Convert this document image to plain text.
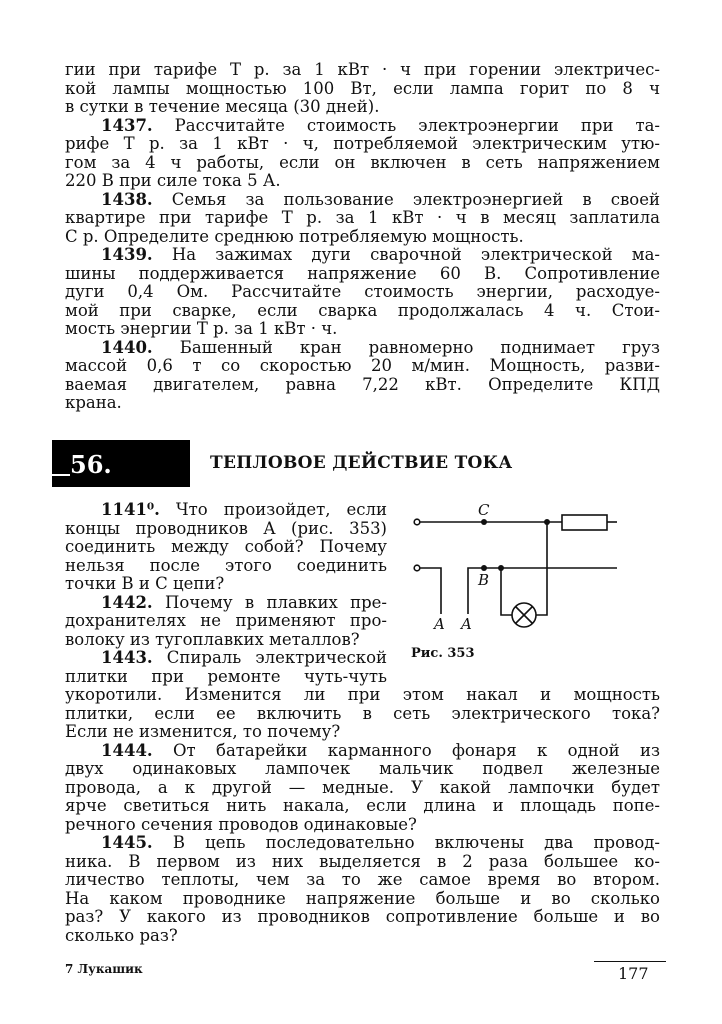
гии при тарифе T р. за 1 кВт · ч при горении электричес-
кой лампы мощностью 100 Вт, если лампа горит по 8 ч
в сутки в течение месяца (30 дней).
1437. Рассчитайте стоимость электроэнергии при та-
рифе T р. за 1 кВт · ч, потребляемой электрическим утю-
гом за 4 ч работы, если он включен в сеть напряжением
220 В при силе тока 5 А.
1438. Семья за пользование электроэнергией в своей
квартире при тарифе T р. за 1 кВт · ч в месяц заплатила
C р. Определите среднюю потребляемую мощность.
1439. На зажимах дуги сварочной электрической ма-
шины поддерживается напряжение 60 В. Сопротивление
дуги 0,4 Ом. Рассчитайте стоимость энергии, расходуе-
мой при сварке, если сварка продолжалась 4 ч. Стои-
мость энергии T р. за 1 кВт · ч.
1440. Башенный кран равномерно поднимает груз
массой 0,6 т со скоростью 20 м/мин. Мощность, разви-
ваемая двигателем, равна 7,22 кВт. Определите КПД
крана.
56.	ТЕПЛОВОЕ ДЕЙСТВИЕ ТОКА
1141⁰. Что произойдет, если
концы проводников A (рис. 353)
соединить между собой? Почему
нельзя после этого соединить
точки B и C цепи?
1442. Почему в плавких пре-
дохранителях не применяют про-
волоку из тугоплавких металлов?
1443. Спираль электрической
плитки при ремонте чуть-чуть
C
B
A A
Рис. 353
укоротили. Изменится ли при этом накал и мощность
плитки, если ее включить в сеть электрического тока?
Если не изменится, то почему?
1444. От батарейки карманного фонаря к одной из
двух одинаковых лампочек мальчик подвел железные
провода, а к другой — медные. У какой лампочки будет
ярче светиться нить накала, если длина и площадь попе-
речного сечения проводов одинаковые?
1445. В цепь последовательно включены два провод-
ника. В первом из них выделяется в 2 раза большее ко-
личество теплоты, чем за то же самое время во втором.
На каком проводнике напряжение больше и во сколько
раз? У какого из проводников сопротивление больше и во
сколько раз?
7 Лукашик	177
